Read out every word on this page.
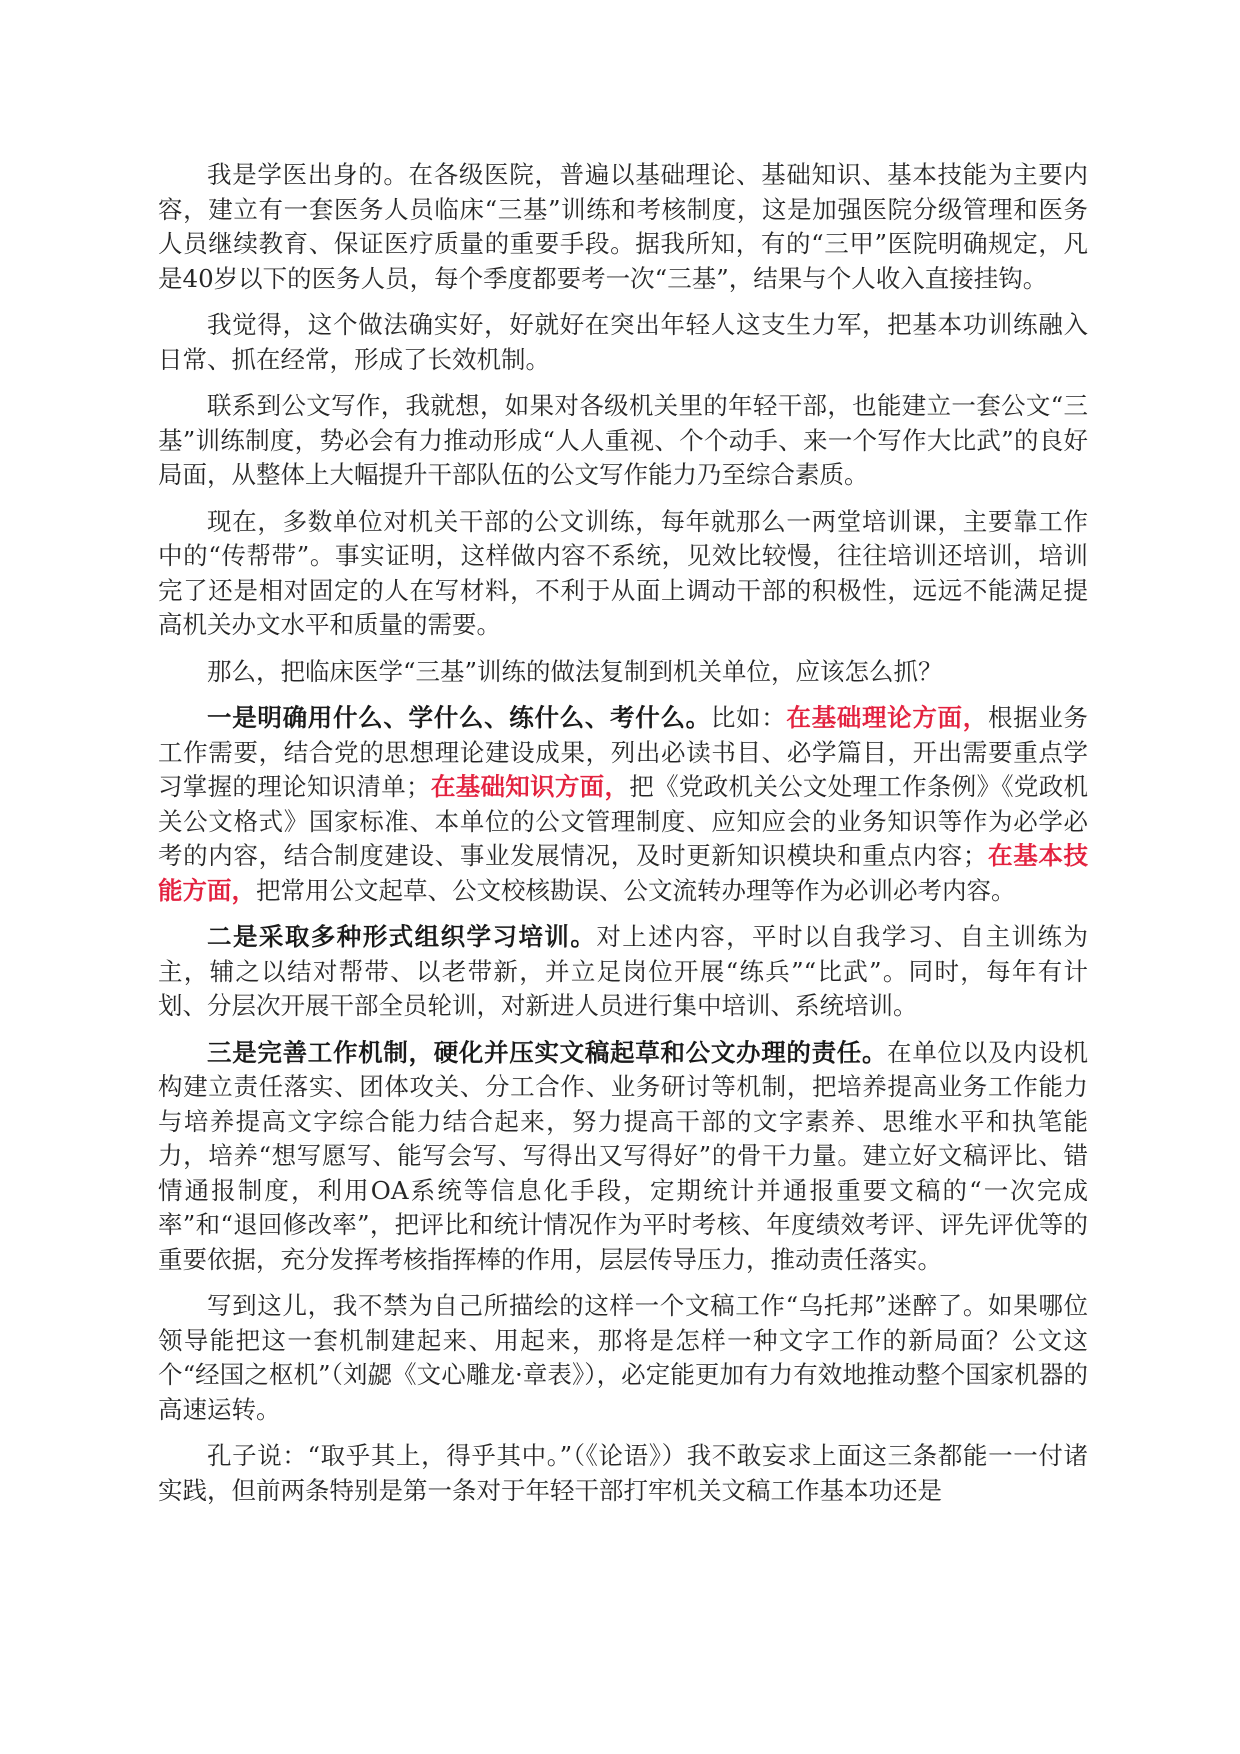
我是学医出身的。在各级医院，普遍以基础理论、基础知识、基本技能为主要内容，建立有一套医务人员临床“三基”训练和考核制度，这是加强医院分级管理和医务人员继续教育、保证医疗质量的重要手段。据我所知，有的“三甲”医院明确规定，凡是40岁以下的医务人员，每个季度都要考一次“三基”，结果与个人收入直接挂钩。

我觉得，这个做法确实好，好就好在突出年轻人这支生力军，把基本功训练融入日常、抓在经常，形成了长效机制。

联系到公文写作，我就想，如果对各级机关里的年轻干部，也能建立一套公文“三基”训练制度，势必会有力推动形成“人人重视、个个动手、来一个写作大比武”的良好局面，从整体上大幅提升干部队伍的公文写作能力乃至综合素质。

现在，多数单位对机关干部的公文训练，每年就那么一两堂培训课，主要靠工作中的“传帮带”。事实证明，这样做内容不系统，见效比较慢，往往培训还培训，培训完了还是相对固定的人在写材料，不利于从面上调动干部的积极性，远远不能满足提高机关办文水平和质量的需要。

那么，把临床医学“三基”训练的做法复制到机关单位，应该怎么抓？

一是明确用什么、学什么、练什么、考什么。比如：在基础理论方面，根据业务工作需要，结合党的思想理论建设成果，列出必读书目、必学篇目，开出需要重点学习掌握的理论知识清单；在基础知识方面，把《党政机关公文处理工作条例》《党政机关公文格式》国家标准、本单位的公文管理制度、应知应会的业务知识等作为必学必考的内容，结合制度建设、事业发展情况，及时更新知识模块和重点内容；在基本技能方面，把常用公文起草、公文校核勘误、公文流转办理等作为必训必考内容。

二是采取多种形式组织学习培训。对上述内容，平时以自我学习、自主训练为主，辅之以结对帮带、以老带新，并立足岗位开展“练兵”“比武”。同时，每年有计划、分层次开展干部全员轮训，对新进人员进行集中培训、系统培训。

三是完善工作机制，硬化并压实文稿起草和公文办理的责任。在单位以及内设机构建立责任落实、团体攻关、分工合作、业务研讨等机制，把培养提高业务工作能力与培养提高文字综合能力结合起来，努力提高干部的文字素养、思维水平和执笔能力，培养“想写愿写、能写会写、写得出又写得好”的骨干力量。建立好文稿评比、错情通报制度，利用OA系统等信息化手段，定期统计并通报重要文稿的“一次完成率”和“退回修改率”，把评比和统计情况作为平时考核、年度绩效考评、评先评优等的重要依据，充分发挥考核指挥棒的作用，层层传导压力，推动责任落实。

写到这儿，我不禁为自己所描绘的这样一个文稿工作“乌托邦”迷醉了。如果哪位领导能把这一套机制建起来、用起来，那将是怎样一种文字工作的新局面？公文这个“经国之枢机”（刘勰《文心雕龙·章表》），必定能更加有力有效地推动整个国家机器的高速运转。

孔子说：“取乎其上，得乎其中。”（《论语》）我不敢妄求上面这三条都能一一付诸实践，但前两条特别是第一条对于年轻干部打牢机关文稿工作基本功还是
